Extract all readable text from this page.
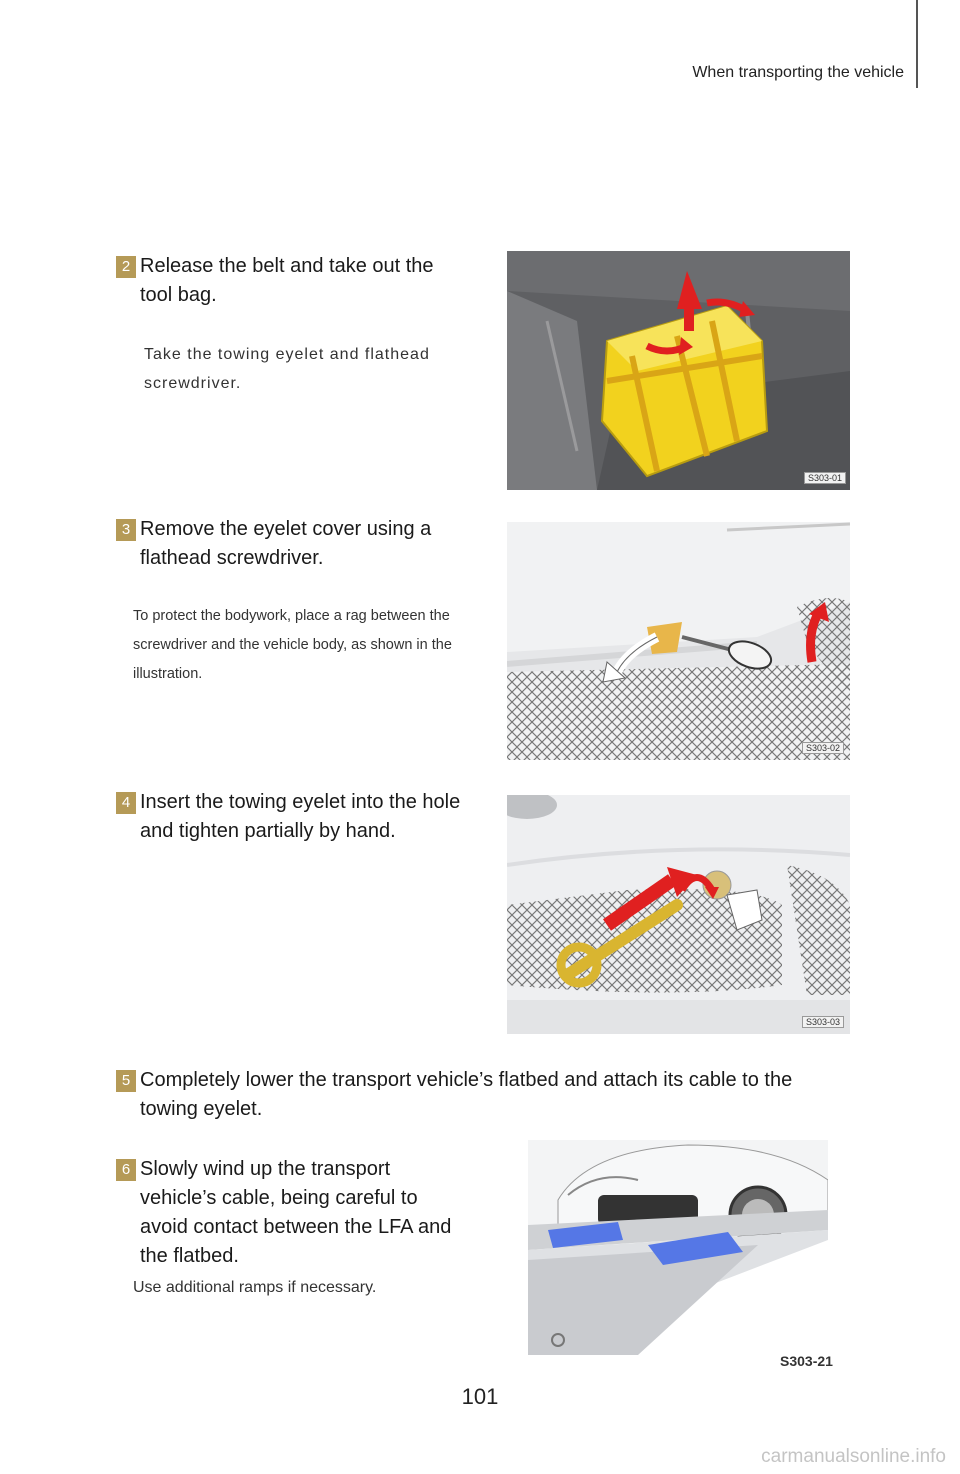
When transporting the vehicle
2 Release the belt and take out the tool bag.
Take the towing eyelet and flathead screwdriver.
S303-01
3 Remove the eyelet cover using a flathead screwdriver.
To protect the bodywork, place a rag between the screwdriver and the vehicle body, as shown in the illustration.
S303-02
4 Insert the towing eyelet into the hole and tighten partially by hand.
S303-03
5 Completely lower the transport vehicle’s flatbed and attach its cable to the towing eyelet.
6 Slowly wind up the transport vehicle’s cable, being careful to avoid contact between the LFA and the flatbed.
Use additional ramps if necessary.
S303-21
101
carmanualsonline.info
